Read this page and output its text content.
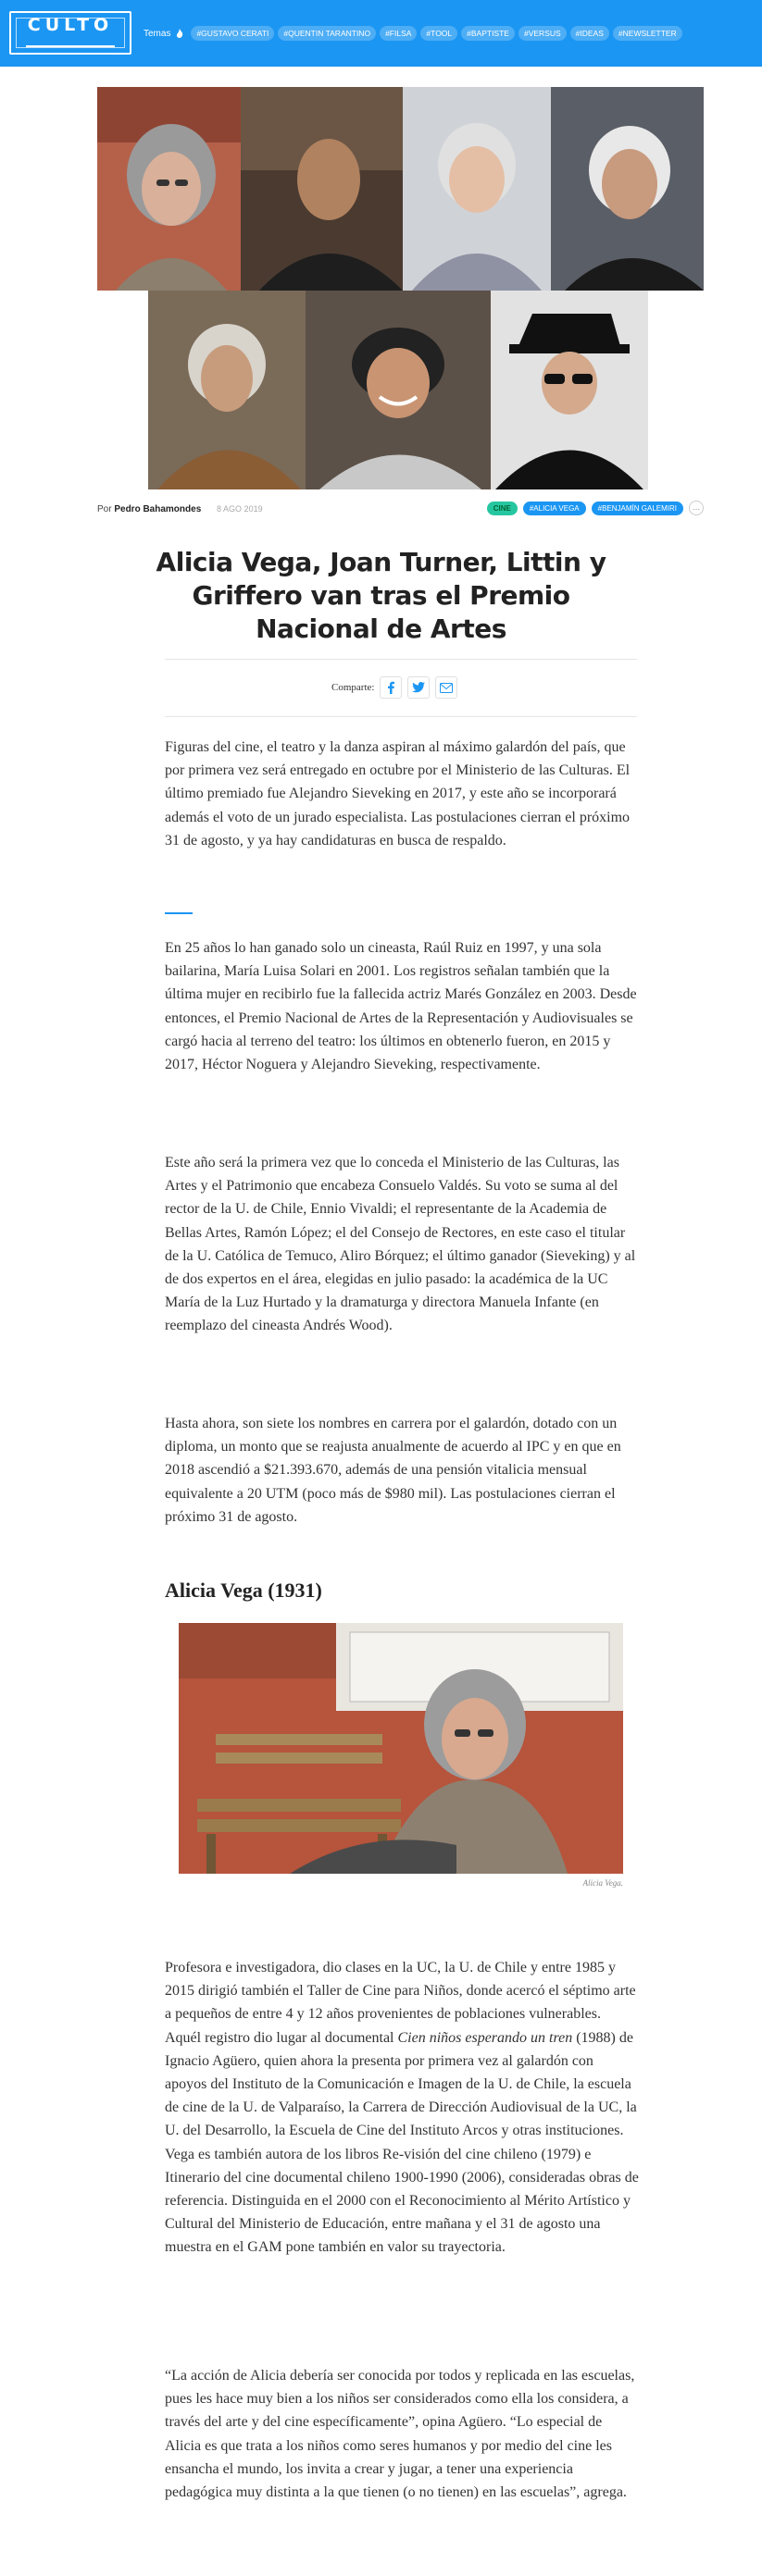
CULTO	Temas	#GUSTAVO CERATI	#QUENTIN TARANTINO	#FILSA	#TOOL	#BAPTISTE	#VERSUS	#IDEAS	#NEWSLETTER
Por Pedro Bahamondes 8 AGO 2019	CINE	#ALICIA VEGA	#BENJAMÍN GALEMIRI	…
Alicia Vega, Joan Turner, Littin y Griffero van tras el Premio Nacional de Artes
Comparte:

Figuras del cine, el teatro y la danza aspiran al máximo galardón del país, que por primera vez será entregado en octubre por el Ministerio de las Culturas. El último premiado fue Alejandro Sieveking en 2017, y este año se incorporará además el voto de un jurado especialista. Las postulaciones cierran el próximo 31 de agosto, y ya hay candidaturas en busca de respaldo.

En 25 años lo han ganado solo un cineasta, Raúl Ruiz en 1997, y una sola bailarina, María Luisa Solari en 2001. Los registros señalan también que la última mujer en recibirlo fue la fallecida actriz Marés González en 2003. Desde entonces, el Premio Nacional de Artes de la Representación y Audiovisuales se cargó hacia al terreno del teatro: los últimos en obtenerlo fueron, en 2015 y 2017, Héctor Noguera y Alejandro Sieveking, respectivamente.

Este año será la primera vez que lo conceda el Ministerio de las Culturas, las Artes y el Patrimonio que encabeza Consuelo Valdés. Su voto se suma al del rector de la U. de Chile, Ennio Vivaldi; el representante de la Academia de Bellas Artes, Ramón López; el del Consejo de Rectores, en este caso el titular de la U. Católica de Temuco, Aliro Bórquez; el último ganador (Sieveking) y al de dos expertos en el área, elegidas en julio pasado: la académica de la UC María de la Luz Hurtado y la dramaturga y directora Manuela Infante (en reemplazo del cineasta Andrés Wood).

Hasta ahora, son siete los nombres en carrera por el galardón, dotado con un diploma, un monto que se reajusta anualmente de acuerdo al IPC y en que en 2018 ascendió a $21.393.670, además de una pensión vitalicia mensual equivalente a 20 UTM (poco más de $980 mil). Las postulaciones cierran el próximo 31 de agosto.

Alicia Vega (1931)
Alicia Vega.

Profesora e investigadora, dio clases en la UC, la U. de Chile y entre 1985 y 2015 dirigió también el Taller de Cine para Niños, donde acercó el séptimo arte a pequeños de entre 4 y 12 años provenientes de poblaciones vulnerables. Aquél registro dio lugar al documental Cien niños esperando un tren (1988) de Ignacio Agüero, quien ahora la presenta por primera vez al galardón con apoyos del Instituto de la Comunicación e Imagen de la U. de Chile, la escuela de cine de la U. de Valparaíso, la Carrera de Dirección Audiovisual de la UC, la U. del Desarrollo, la Escuela de Cine del Instituto Arcos y otras instituciones. Vega es también autora de los libros Re-visión del cine chileno (1979) e Itinerario del cine documental chileno 1900-1990 (2006), consideradas obras de referencia. Distinguida en el 2000 con el Reconocimiento al Mérito Artístico y Cultural del Ministerio de Educación, entre mañana y el 31 de agosto una muestra en el GAM pone también en valor su trayectoria.

“La acción de Alicia debería ser conocida por todos y replicada en las escuelas, pues les hace muy bien a los niños ser considerados como ella los considera, a través del arte y del cine específicamente”, opina Agüero. “Lo especial de Alicia es que trata a los niños como seres humanos y por medio del cine les ensancha el mundo, los invita a crear y jugar, a tener una experiencia pedagógica muy distinta a la que tienen (o no tienen) en las escuelas”, agrega.
